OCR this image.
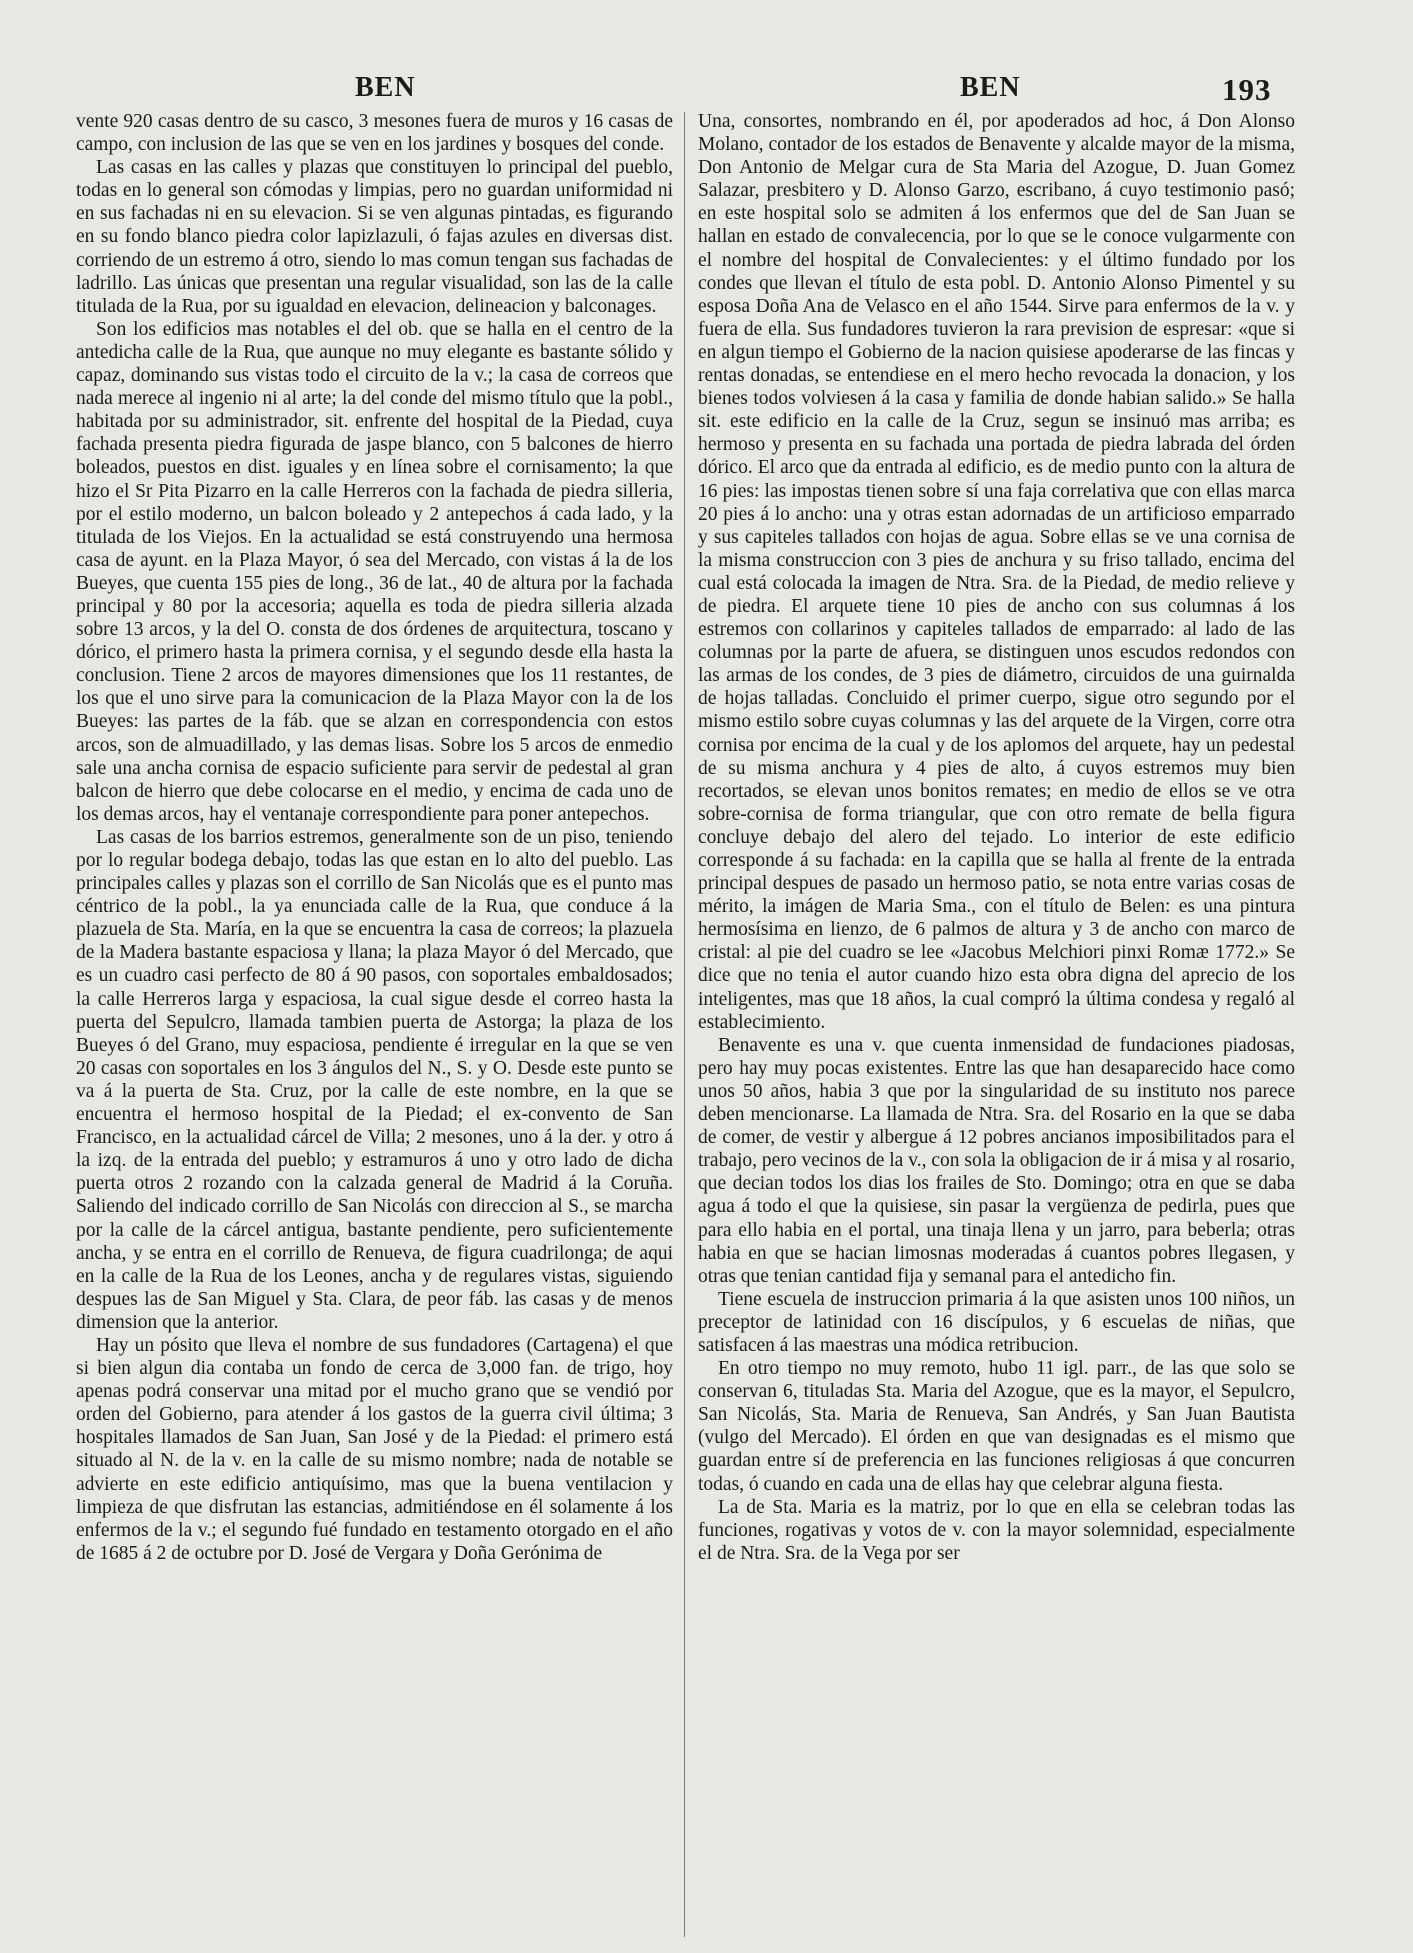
BEN	BEN	193

vente 920 casas dentro de su casco, 3 mesones fuera de muros y 16 casas de campo, con inclusion de las que se ven en los jardines y bosques del conde.

Las casas en las calles y plazas que constituyen lo principal del pueblo, todas en lo general son cómodas y limpias, pero no guardan uniformidad ni en sus fachadas ni en su elevacion. Si se ven algunas pintadas, es figurando en su fondo blanco piedra color lapizlazuli, ó fajas azules en diversas dist. corriendo de un estremo á otro, siendo lo mas comun tengan sus fachadas de ladrillo. Las únicas que presentan una regular visualidad, son las de la calle titulada de la Rua, por su igualdad en elevacion, delineacion y balconages.

Son los edificios mas notables el del ob. que se halla en el centro de la antedicha calle de la Rua, que aunque no muy elegante es bastante sólido y capaz, dominando sus vistas todo el circuito de la v.; la casa de correos que nada merece al ingenio ni al arte; la del conde del mismo título que la pobl., habitada por su administrador, sit. enfrente del hospital de la Piedad, cuya fachada presenta piedra figurada de jaspe blanco, con 5 balcones de hierro boleados, puestos en dist. iguales y en línea sobre el cornisamento; la que hizo el Sr Pita Pizarro en la calle Herreros con la fachada de piedra silleria, por el estilo moderno, un balcon boleado y 2 antepechos á cada lado, y la titulada de los Viejos. En la actualidad se está construyendo una hermosa casa de ayunt. en la Plaza Mayor, ó sea del Mercado, con vistas á la de los Bueyes, que cuenta 155 pies de long., 36 de lat., 40 de altura por la fachada principal y 80 por la accesoria; aquella es toda de piedra silleria alzada sobre 13 arcos, y la del O. consta de dos órdenes de arquitectura, toscano y dórico, el primero hasta la primera cornisa, y el segundo desde ella hasta la conclusion. Tiene 2 arcos de mayores dimensiones que los 11 restantes, de los que el uno sirve para la comunicacion de la Plaza Mayor con la de los Bueyes: las partes de la fáb. que se alzan en correspondencia con estos arcos, son de almuadillado, y las demas lisas. Sobre los 5 arcos de enmedio sale una ancha cornisa de espacio suficiente para servir de pedestal al gran balcon de hierro que debe colocarse en el medio, y encima de cada uno de los demas arcos, hay el ventanaje correspondiente para poner antepechos.

Las casas de los barrios estremos, generalmente son de un piso, teniendo por lo regular bodega debajo, todas las que estan en lo alto del pueblo. Las principales calles y plazas son el corrillo de San Nicolás que es el punto mas céntrico de la pobl., la ya enunciada calle de la Rua, que conduce á la plazuela de Sta. María, en la que se encuentra la casa de correos; la plazuela de la Madera bastante espaciosa y llana; la plaza Mayor ó del Mercado, que es un cuadro casi perfecto de 80 á 90 pasos, con soportales embaldosados; la calle Herreros larga y espaciosa, la cual sigue desde el correo hasta la puerta del Sepulcro, llamada tambien puerta de Astorga; la plaza de los Bueyes ó del Grano, muy espaciosa, pendiente é irregular en la que se ven 20 casas con soportales en los 3 ángulos del N., S. y O. Desde este punto se va á la puerta de Sta. Cruz, por la calle de este nombre, en la que se encuentra el hermoso hospital de la Piedad; el ex-convento de San Francisco, en la actualidad cárcel de Villa; 2 mesones, uno á la der. y otro á la izq. de la entrada del pueblo; y estramuros á uno y otro lado de dicha puerta otros 2 rozando con la calzada general de Madrid á la Coruña. Saliendo del indicado corrillo de San Nicolás con direccion al S., se marcha por la calle de la cárcel antigua, bastante pendiente, pero suficientemente ancha, y se entra en el corrillo de Renueva, de figura cuadrilonga; de aqui en la calle de la Rua de los Leones, ancha y de regulares vistas, siguiendo despues las de San Miguel y Sta. Clara, de peor fáb. las casas y de menos dimension que la anterior.

Hay un pósito que lleva el nombre de sus fundadores (Cartagena) el que si bien algun dia contaba un fondo de cerca de 3,000 fan. de trigo, hoy apenas podrá conservar una mitad por el mucho grano que se vendió por orden del Gobierno, para atender á los gastos de la guerra civil última; 3 hospitales llamados de San Juan, San José y de la Piedad: el primero está situado al N. de la v. en la calle de su mismo nombre; nada de notable se advierte en este edificio antiquísimo, mas que la buena ventilacion y limpieza de que disfrutan las estancias, admitiéndose en él solamente á los enfermos de la v.; el segundo fué fundado en testamento otorgado en el año de 1685 á 2 de octubre por D. José de Vergara y Doña Gerónima de

Una, consortes, nombrando en él, por apoderados ad hoc, á Don Alonso Molano, contador de los estados de Benavente y alcalde mayor de la misma, Don Antonio de Melgar cura de Sta Maria del Azogue, D. Juan Gomez Salazar, presbitero y D. Alonso Garzo, escribano, á cuyo testimonio pasó; en este hospital solo se admiten á los enfermos que del de San Juan se hallan en estado de convalecencia, por lo que se le conoce vulgarmente con el nombre del hospital de Convalecientes: y el último fundado por los condes que llevan el título de esta pobl. D. Antonio Alonso Pimentel y su esposa Doña Ana de Velasco en el año 1544. Sirve para enfermos de la v. y fuera de ella. Sus fundadores tuvieron la rara prevision de espresar: «que si en algun tiempo el Gobierno de la nacion quisiese apoderarse de las fincas y rentas donadas, se entendiese en el mero hecho revocada la donacion, y los bienes todos volviesen á la casa y familia de donde habian salido.» Se halla sit. este edificio en la calle de la Cruz, segun se insinuó mas arriba; es hermoso y presenta en su fachada una portada de piedra labrada del órden dórico. El arco que da entrada al edificio, es de medio punto con la altura de 16 pies: las impostas tienen sobre sí una faja correlativa que con ellas marca 20 pies á lo ancho: una y otras estan adornadas de un artificioso emparrado y sus capiteles tallados con hojas de agua. Sobre ellas se ve una cornisa de la misma construccion con 3 pies de anchura y su friso tallado, encima del cual está colocada la imagen de Ntra. Sra. de la Piedad, de medio relieve y de piedra. El arquete tiene 10 pies de ancho con sus columnas á los estremos con collarinos y capiteles tallados de emparrado: al lado de las columnas por la parte de afuera, se distinguen unos escudos redondos con las armas de los condes, de 3 pies de diámetro, circuidos de una guirnalda de hojas talladas. Concluido el primer cuerpo, sigue otro segundo por el mismo estilo sobre cuyas columnas y las del arquete de la Virgen, corre otra cornisa por encima de la cual y de los aplomos del arquete, hay un pedestal de su misma anchura y 4 pies de alto, á cuyos estremos muy bien recortados, se elevan unos bonitos remates; en medio de ellos se ve otra sobre-cornisa de forma triangular, que con otro remate de bella figura concluye debajo del alero del tejado. Lo interior de este edificio corresponde á su fachada: en la capilla que se halla al frente de la entrada principal despues de pasado un hermoso patio, se nota entre varias cosas de mérito, la imágen de Maria Sma., con el título de Belen: es una pintura hermosísima en lienzo, de 6 palmos de altura y 3 de ancho con marco de cristal: al pie del cuadro se lee «Jacobus Melchiori pinxi Romæ 1772.» Se dice que no tenia el autor cuando hizo esta obra digna del aprecio de los inteligentes, mas que 18 años, la cual compró la última condesa y regaló al establecimiento.

Benavente es una v. que cuenta inmensidad de fundaciones piadosas, pero hay muy pocas existentes. Entre las que han desaparecido hace como unos 50 años, habia 3 que por la singularidad de su instituto nos parece deben mencionarse. La llamada de Ntra. Sra. del Rosario en la que se daba de comer, de vestir y albergue á 12 pobres ancianos imposibilitados para el trabajo, pero vecinos de la v., con sola la obligacion de ir á misa y al rosario, que decian todos los dias los frailes de Sto. Domingo; otra en que se daba agua á todo el que la quisiese, sin pasar la vergüenza de pedirla, pues que para ello habia en el portal, una tinaja llena y un jarro, para beberla; otras habia en que se hacian limosnas moderadas á cuantos pobres llegasen, y otras que tenian cantidad fija y semanal para el antedicho fin.

Tiene escuela de instruccion primaria á la que asisten unos 100 niños, un preceptor de latinidad con 16 discípulos, y 6 escuelas de niñas, que satisfacen á las maestras una módica retribucion.

En otro tiempo no muy remoto, hubo 11 igl. parr., de las que solo se conservan 6, tituladas Sta. Maria del Azogue, que es la mayor, el Sepulcro, San Nicolás, Sta. Maria de Renueva, San Andrés, y San Juan Bautista (vulgo del Mercado). El órden en que van designadas es el mismo que guardan entre sí de preferencia en las funciones religiosas á que concurren todas, ó cuando en cada una de ellas hay que celebrar alguna fiesta.

La de Sta. Maria es la matriz, por lo que en ella se celebran todas las funciones, rogativas y votos de v. con la mayor solemnidad, especialmente el de Ntra. Sra. de la Vega por ser
